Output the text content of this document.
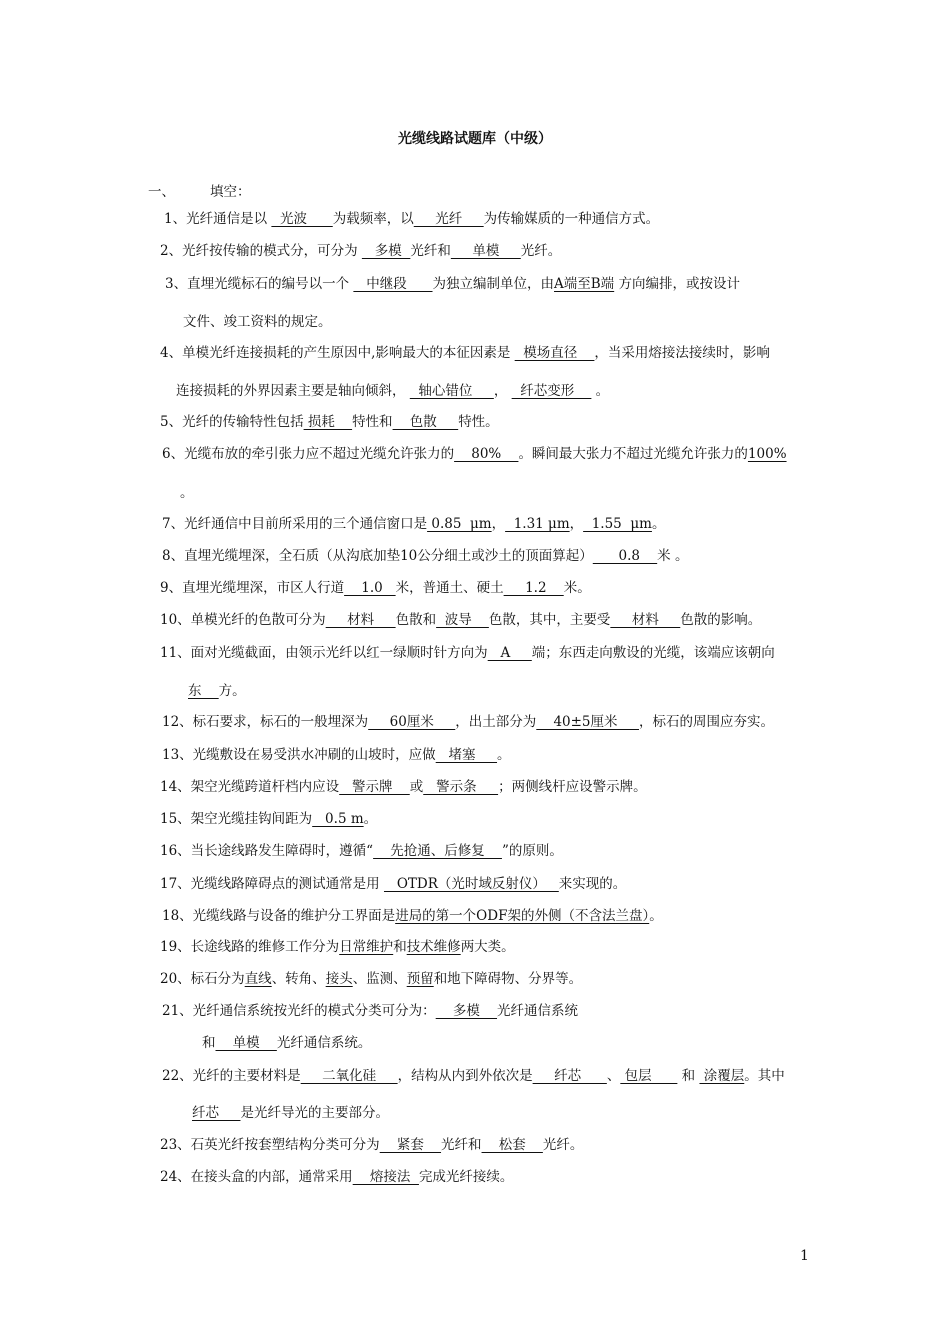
光缆线路试题库（中级）
一、	填空：
1、光纤通信是以   光波      为载频率，以     光纤     为传输媒质的一种通信方式。
2、光纤按传输的模式分，可分为    多模  光纤和     单模     光纤。
3、直埋光缆标石的编号以一个    中继段      为独立编制单位，由A端至B端 方向编排，或按设计
文件、竣工资料的规定。
4、单模光纤连接损耗的产生原因中,影响最大的本征因素是   模场直径    ，当采用熔接法接续时，影响
连接损耗的外界因素主要是轴向倾斜，   轴心错位     ，   纤芯变形     。
5、光纤的传输特性包括 损耗    特性和    色散     特性。
6、光缆布放的牵引张力应不超过光缆允许张力的    80%    。瞬间最大张力不超过光缆允许张力的100%
。
7、光纤通信中目前所采用的三个通信窗口是 0.85  μm，  1.31 μm，  1.55  μm。
8、直埋光缆埋深，全石质（从沟底加垫10公分细土或沙土的顶面算起）      0.8    米 。
9、直埋光缆埋深，市区人行道    1.0   米，普通土、硬土     1.2    米。
10、单模光纤的色散可分为     材料     色散和  波导    色散，其中，主要受     材料     色散的影响。
11、面对光缆截面，由领示光纤以红一绿顺时针方向为   A     端；东西走向敷设的光缆，该端应该朝向
东    方。
12、标石要求，标石的一般埋深为     60厘米     ，出土部分为    40±5厘米     ，标石的周围应夯实。
13、光缆敷设在易受洪水冲刷的山坡时，应做   堵塞     。
14、架空光缆跨道杆档内应设   警示牌    或   警示条     ；两侧线杆应设警示牌。
15、架空光缆挂钩间距为   0.5 m。
16、当长途线路发生障碍时，遵循“    先抢通、后修复    ”的原则。
17、光缆线路障碍点的测试通常是用    OTDR（光时域反射仪）   来实现的。
18、光缆线路与设备的维护分工界面是进局的第一个ODF架的外侧（不含法兰盘）。
19、长途线路的维修工作分为日常维护和技术维修两大类。
20、标石分为直线、转角、接头、监测、预留和地下障碍物、分界等。
21、光纤通信系统按光纤的模式分类可分为：    多模    光纤通信系统
和    单模    光纤通信系统。
22、光纤的主要材料是     二氧化硅     ，结构从内到外依次是     纤芯      、 包层       和  涂覆层。其中
纤芯     是光纤导光的主要部分。
23、石英光纤按套塑结构分类可分为    紧套    光纤和    松套    光纤。
24、在接头盒的内部，通常采用    熔接法  完成光纤接续。
1
